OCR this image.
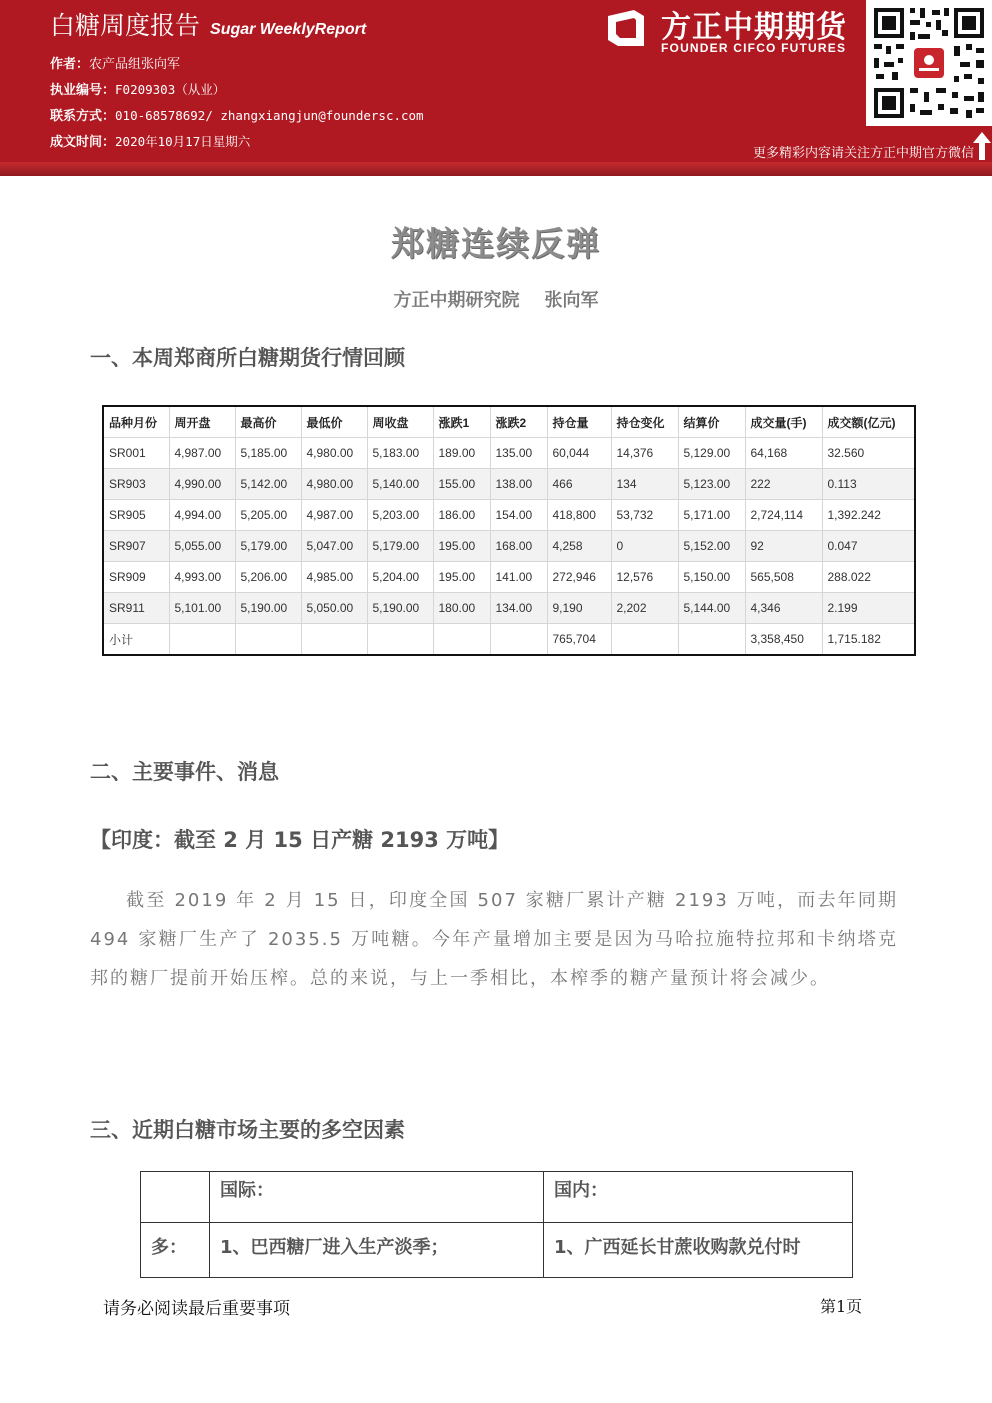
白糖周度报告 Sugar WeeklyReport
作者：农产品组张向军
执业编号：F0209303（从业）
联系方式：010-68578692/ zhangxiangjun@foundersc.com
成文时间：2020年10月17日星期六
方正中期期货
FOUNDER CIFCO FUTURES
更多精彩内容请关注方正中期官方微信
郑糖连续反弹
方正中期研究院    张向军
一、本周郑商所白糖期货行情回顾
品种月份	周开盘	最高价	最低价	周收盘	涨跌1	涨跌2	持仓量	持仓变化	结算价	成交量(手)	成交额(亿元)
SR001	4,987.00	5,185.00	4,980.00	5,183.00	189.00	135.00	60,044	14,376	5,129.00	64,168	32.560
SR903	4,990.00	5,142.00	4,980.00	5,140.00	155.00	138.00	466	134	5,123.00	222	0.113
SR905	4,994.00	5,205.00	4,987.00	5,203.00	186.00	154.00	418,800	53,732	5,171.00	2,724,114	1,392.242
SR907	5,055.00	5,179.00	5,047.00	5,179.00	195.00	168.00	4,258	0	5,152.00	92	0.047
SR909	4,993.00	5,206.00	4,985.00	5,204.00	195.00	141.00	272,946	12,576	5,150.00	565,508	288.022
SR911	5,101.00	5,190.00	5,050.00	5,190.00	180.00	134.00	9,190	2,202	5,144.00	4,346	2.199
小计							765,704			3,358,450	1,715.182
二、主要事件、消息
【印度：截至 2 月 15 日产糖 2193 万吨】
截至 2019 年 2 月 15 日，印度全国 507 家糖厂累计产糖 2193 万吨，而去年同期 494 家糖厂生产了 2035.5 万吨糖。今年产量增加主要是因为马哈拉施特拉邦和卡纳塔克邦的糖厂提前开始压榨。总的来说，与上一季相比，本榨季的糖产量预计将会减少。
三、近期白糖市场主要的多空因素
	国际：	国内：
多：	1、巴西糖厂进入生产淡季；	1、广西延长甘蔗收购款兑付时
请务必阅读最后重要事项	第1页
